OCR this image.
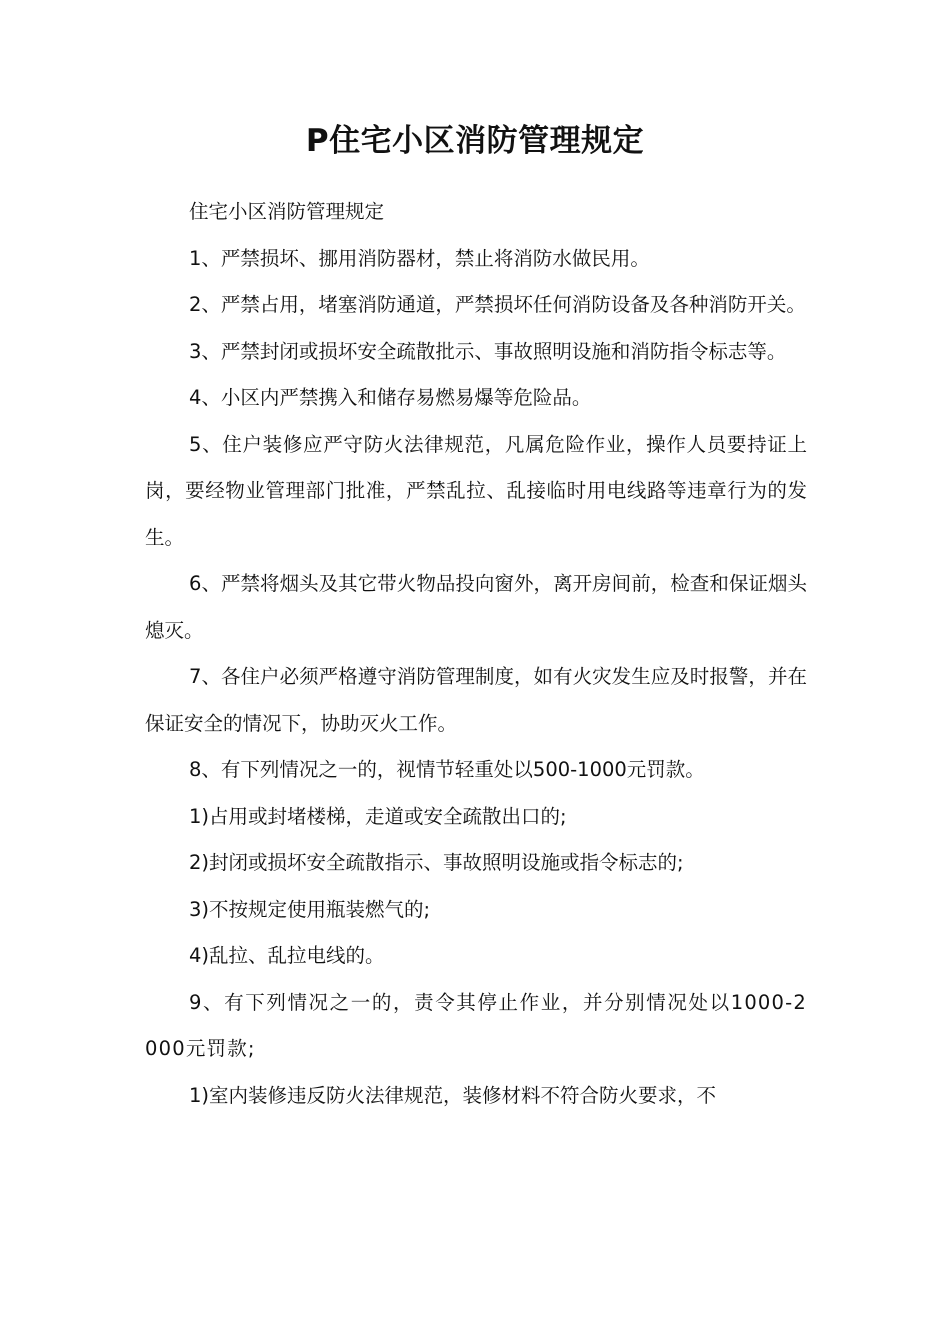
P住宅小区消防管理规定

住宅小区消防管理规定

1、严禁损坏、挪用消防器材，禁止将消防水做民用。

2、严禁占用，堵塞消防通道，严禁损坏任何消防设备及各种消防开关。

3、严禁封闭或损坏安全疏散批示、事故照明设施和消防指令标志等。

4、小区内严禁携入和储存易燃易爆等危险品。

5、住户装修应严守防火法律规范，凡属危险作业，操作人员要持证上岗，要经物业管理部门批准，严禁乱拉、乱接临时用电线路等违章行为的发生。

6、严禁将烟头及其它带火物品投向窗外，离开房间前，检查和保证烟头熄灭。

7、各住户必须严格遵守消防管理制度，如有火灾发生应及时报警，并在保证安全的情况下，协助灭火工作。

8、有下列情况之一的，视情节轻重处以500-1000元罚款。

1)占用或封堵楼梯，走道或安全疏散出口的;

2)封闭或损坏安全疏散指示、事故照明设施或指令标志的;

3)不按规定使用瓶装燃气的;

4)乱拉、乱拉电线的。

9、有下列情况之一的，责令其停止作业，并分别情况处以1000-2000元罚款;

1)室内装修违反防火法律规范，装修材料不符合防火要求，不
